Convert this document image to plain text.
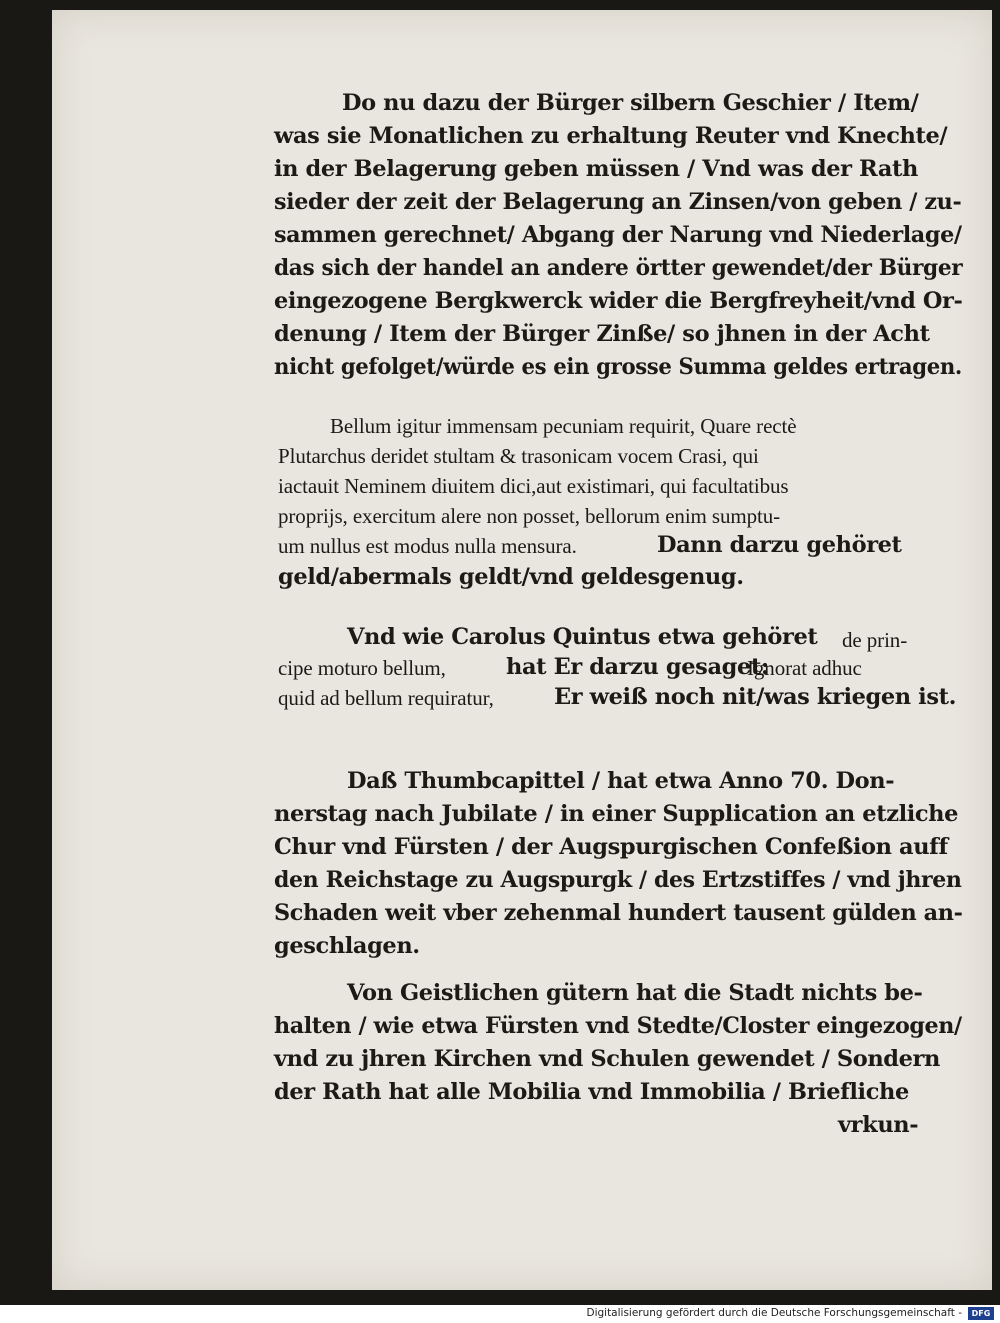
Do nu dazu der Bürger silbern Geschier / Item/
was sie Monatlichen zu erhaltung Reuter vnd Knechte/
in der Belagerung geben müssen / Vnd was der Rath
sieder der zeit der Belagerung an Zinsen/von geben / zu-
sammen gerechnet/ Abgang der Narung vnd Niederlage/
das sich der handel an andere örtter gewendet/der Bürger
eingezogene Bergkwerck wider die Bergfreyheit/vnd Or-
denung / Item der Bürger Zinße/ so jhnen in der Acht
nicht gefolget/würde es ein grosse Summa geldes ertragen.
Bellum igitur immensam pecuniam requirit, Quare rectè
Plutarchus deridet stultam & trasonicam vocem Crasi, qui
iactauit Neminem diuitem dici,aut existimari, qui facultatibus
proprijs, exercitum alere non posset, bellorum enim sumptu-
um nullus est modus nulla mensura.	Dann darzu gehöret
geld/abermals geldt/vnd geldesgenug.
Vnd wie Carolus Quintus etwa gehöret de prin-
cipe moturo bellum,	hat Er darzu gesaget:
Ignorat adhuc
quid ad bellum requiratur,	Er weiß noch nit/was kriegen ist.
Daß Thumbcapittel / hat etwa Anno 70. Don-
nerstag nach Jubilate / in einer Supplication an etzliche
Chur vnd Fürsten / der Augspurgischen Confeßion auff
den Reichstage zu Augspurgk / des Ertzstiffes / vnd jhren
Schaden weit vber zehenmal hundert tausent gülden an-
geschlagen.
Von Geistlichen gütern hat die Stadt nichts be-
halten / wie etwa Fürsten vnd Stedte/Closter eingezogen/
vnd zu jhren Kirchen vnd Schulen gewendet / Sondern
der Rath hat alle Mobilia vnd Immobilia / Briefliche
vrkun-
Digitalisierung gefördert durch die Deutsche Forschungsgemeinschaft -	DFG
